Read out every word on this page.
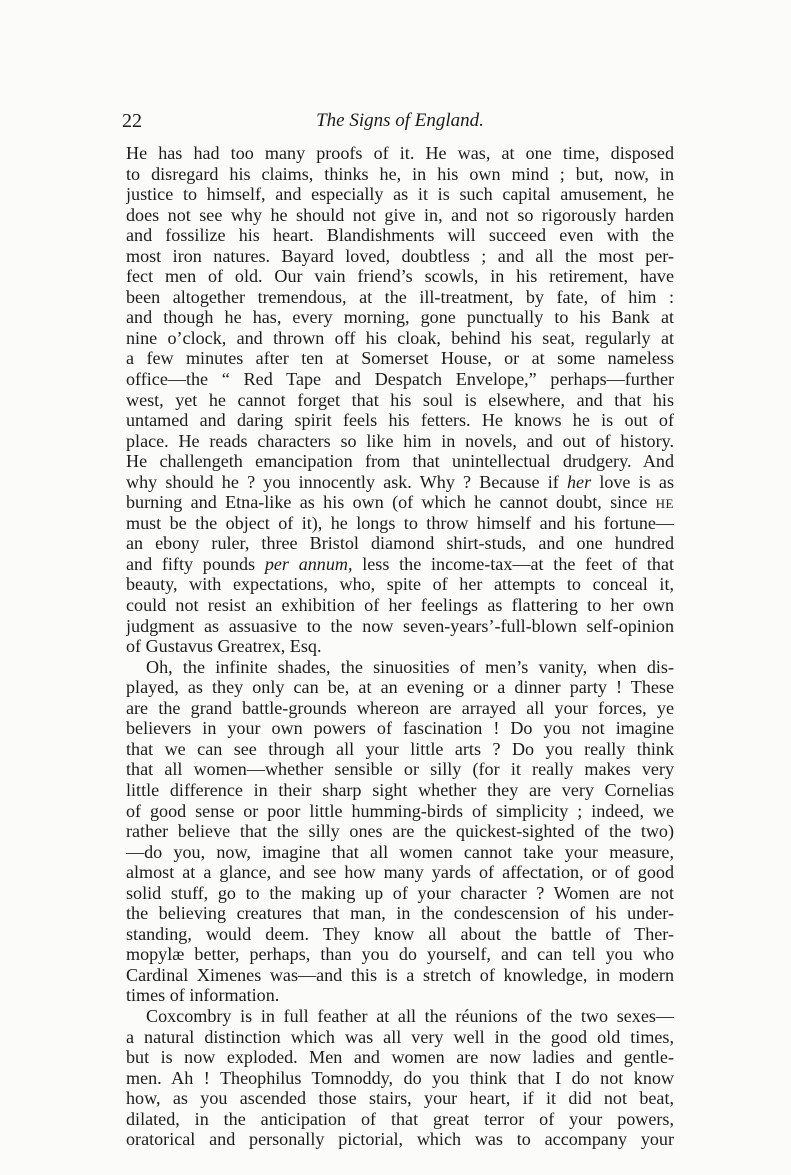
22	The Signs of England.
He has had too many proofs of it. He was, at one time, disposed
to disregard his claims, thinks he, in his own mind ; but, now, in
justice to himself, and especially as it is such capital amusement, he
does not see why he should not give in, and not so rigorously harden
and fossilize his heart. Blandishments will succeed even with the
most iron natures. Bayard loved, doubtless ; and all the most per-
fect men of old. Our vain friend’s scowls, in his retirement, have
been altogether tremendous, at the ill-treatment, by fate, of him :
and though he has, every morning, gone punctually to his Bank at
nine o’clock, and thrown off his cloak, behind his seat, regularly at
a few minutes after ten at Somerset House, or at some nameless
office—the “ Red Tape and Despatch Envelope,” perhaps—further
west, yet he cannot forget that his soul is elsewhere, and that his
untamed and daring spirit feels his fetters. He knows he is out of
place. He reads characters so like him in novels, and out of history.
He challengeth emancipation from that unintellectual drudgery. And
why should he ? you innocently ask. Why ? Because if her love is as
burning and Etna-like as his own (of which he cannot doubt, since he
must be the object of it), he longs to throw himself and his fortune—
an ebony ruler, three Bristol diamond shirt-studs, and one hundred
and fifty pounds per annum, less the income-tax—at the feet of that
beauty, with expectations, who, spite of her attempts to conceal it,
could not resist an exhibition of her feelings as flattering to her own
judgment as assuasive to the now seven-years’-full-blown self-opinion
of Gustavus Greatrex, Esq.
Oh, the infinite shades, the sinuosities of men’s vanity, when dis-
played, as they only can be, at an evening or a dinner party ! These
are the grand battle-grounds whereon are arrayed all your forces, ye
believers in your own powers of fascination ! Do you not imagine
that we can see through all your little arts ? Do you really think
that all women—whether sensible or silly (for it really makes very
little difference in their sharp sight whether they are very Cornelias
of good sense or poor little humming-birds of simplicity ; indeed, we
rather believe that the silly ones are the quickest-sighted of the two)
—do you, now, imagine that all women cannot take your measure,
almost at a glance, and see how many yards of affectation, or of good
solid stuff, go to the making up of your character ? Women are not
the believing creatures that man, in the condescension of his under-
standing, would deem. They know all about the battle of Ther-
mopylæ better, perhaps, than you do yourself, and can tell you who
Cardinal Ximenes was—and this is a stretch of knowledge, in modern
times of information.
Coxcombry is in full feather at all the réunions of the two sexes—
a natural distinction which was all very well in the good old times,
but is now exploded. Men and women are now ladies and gentle-
men. Ah ! Theophilus Tomnoddy, do you think that I do not know
how, as you ascended those stairs, your heart, if it did not beat,
dilated, in the anticipation of that great terror of your powers,
oratorical and personally pictorial, which was to accompany your
